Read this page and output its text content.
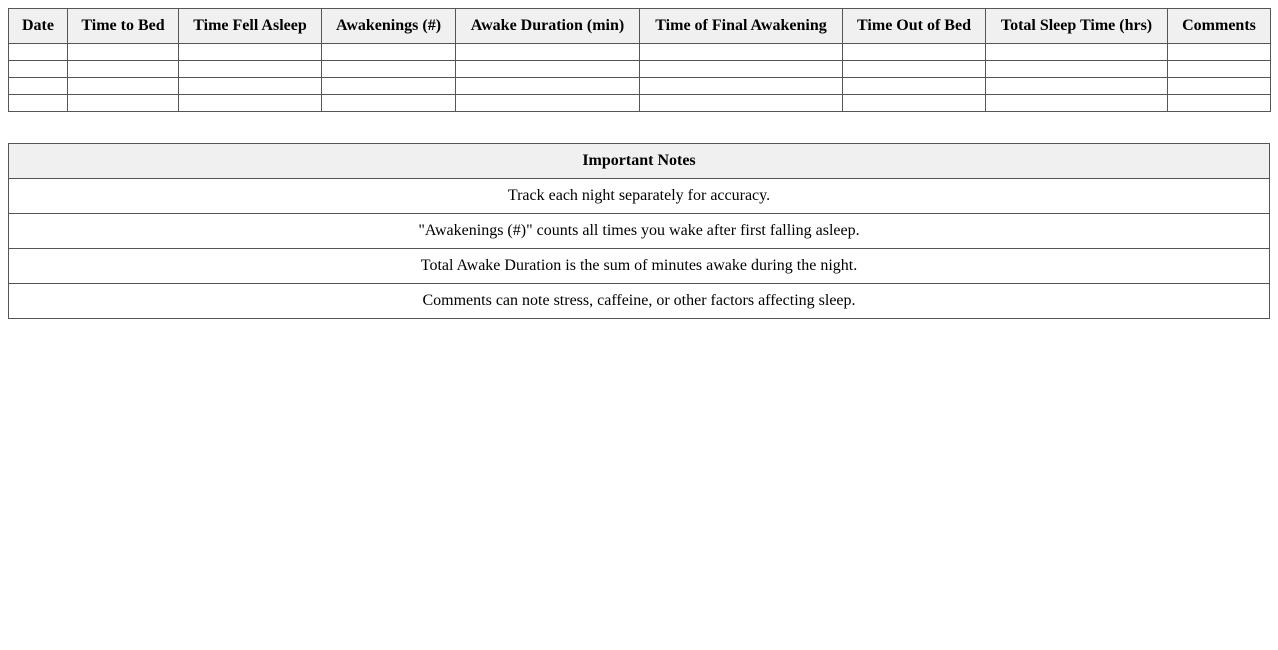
Date	Time to Bed	Time Fell Asleep	Awakenings (#)	Awake Duration (min)	Time of Final Awakening	Time Out of Bed	Total Sleep Time (hrs)	Comments

Important Notes
Track each night separately for accuracy.
"Awakenings (#)" counts all times you wake after first falling asleep.
Total Awake Duration is the sum of minutes awake during the night.
Comments can note stress, caffeine, or other factors affecting sleep.
